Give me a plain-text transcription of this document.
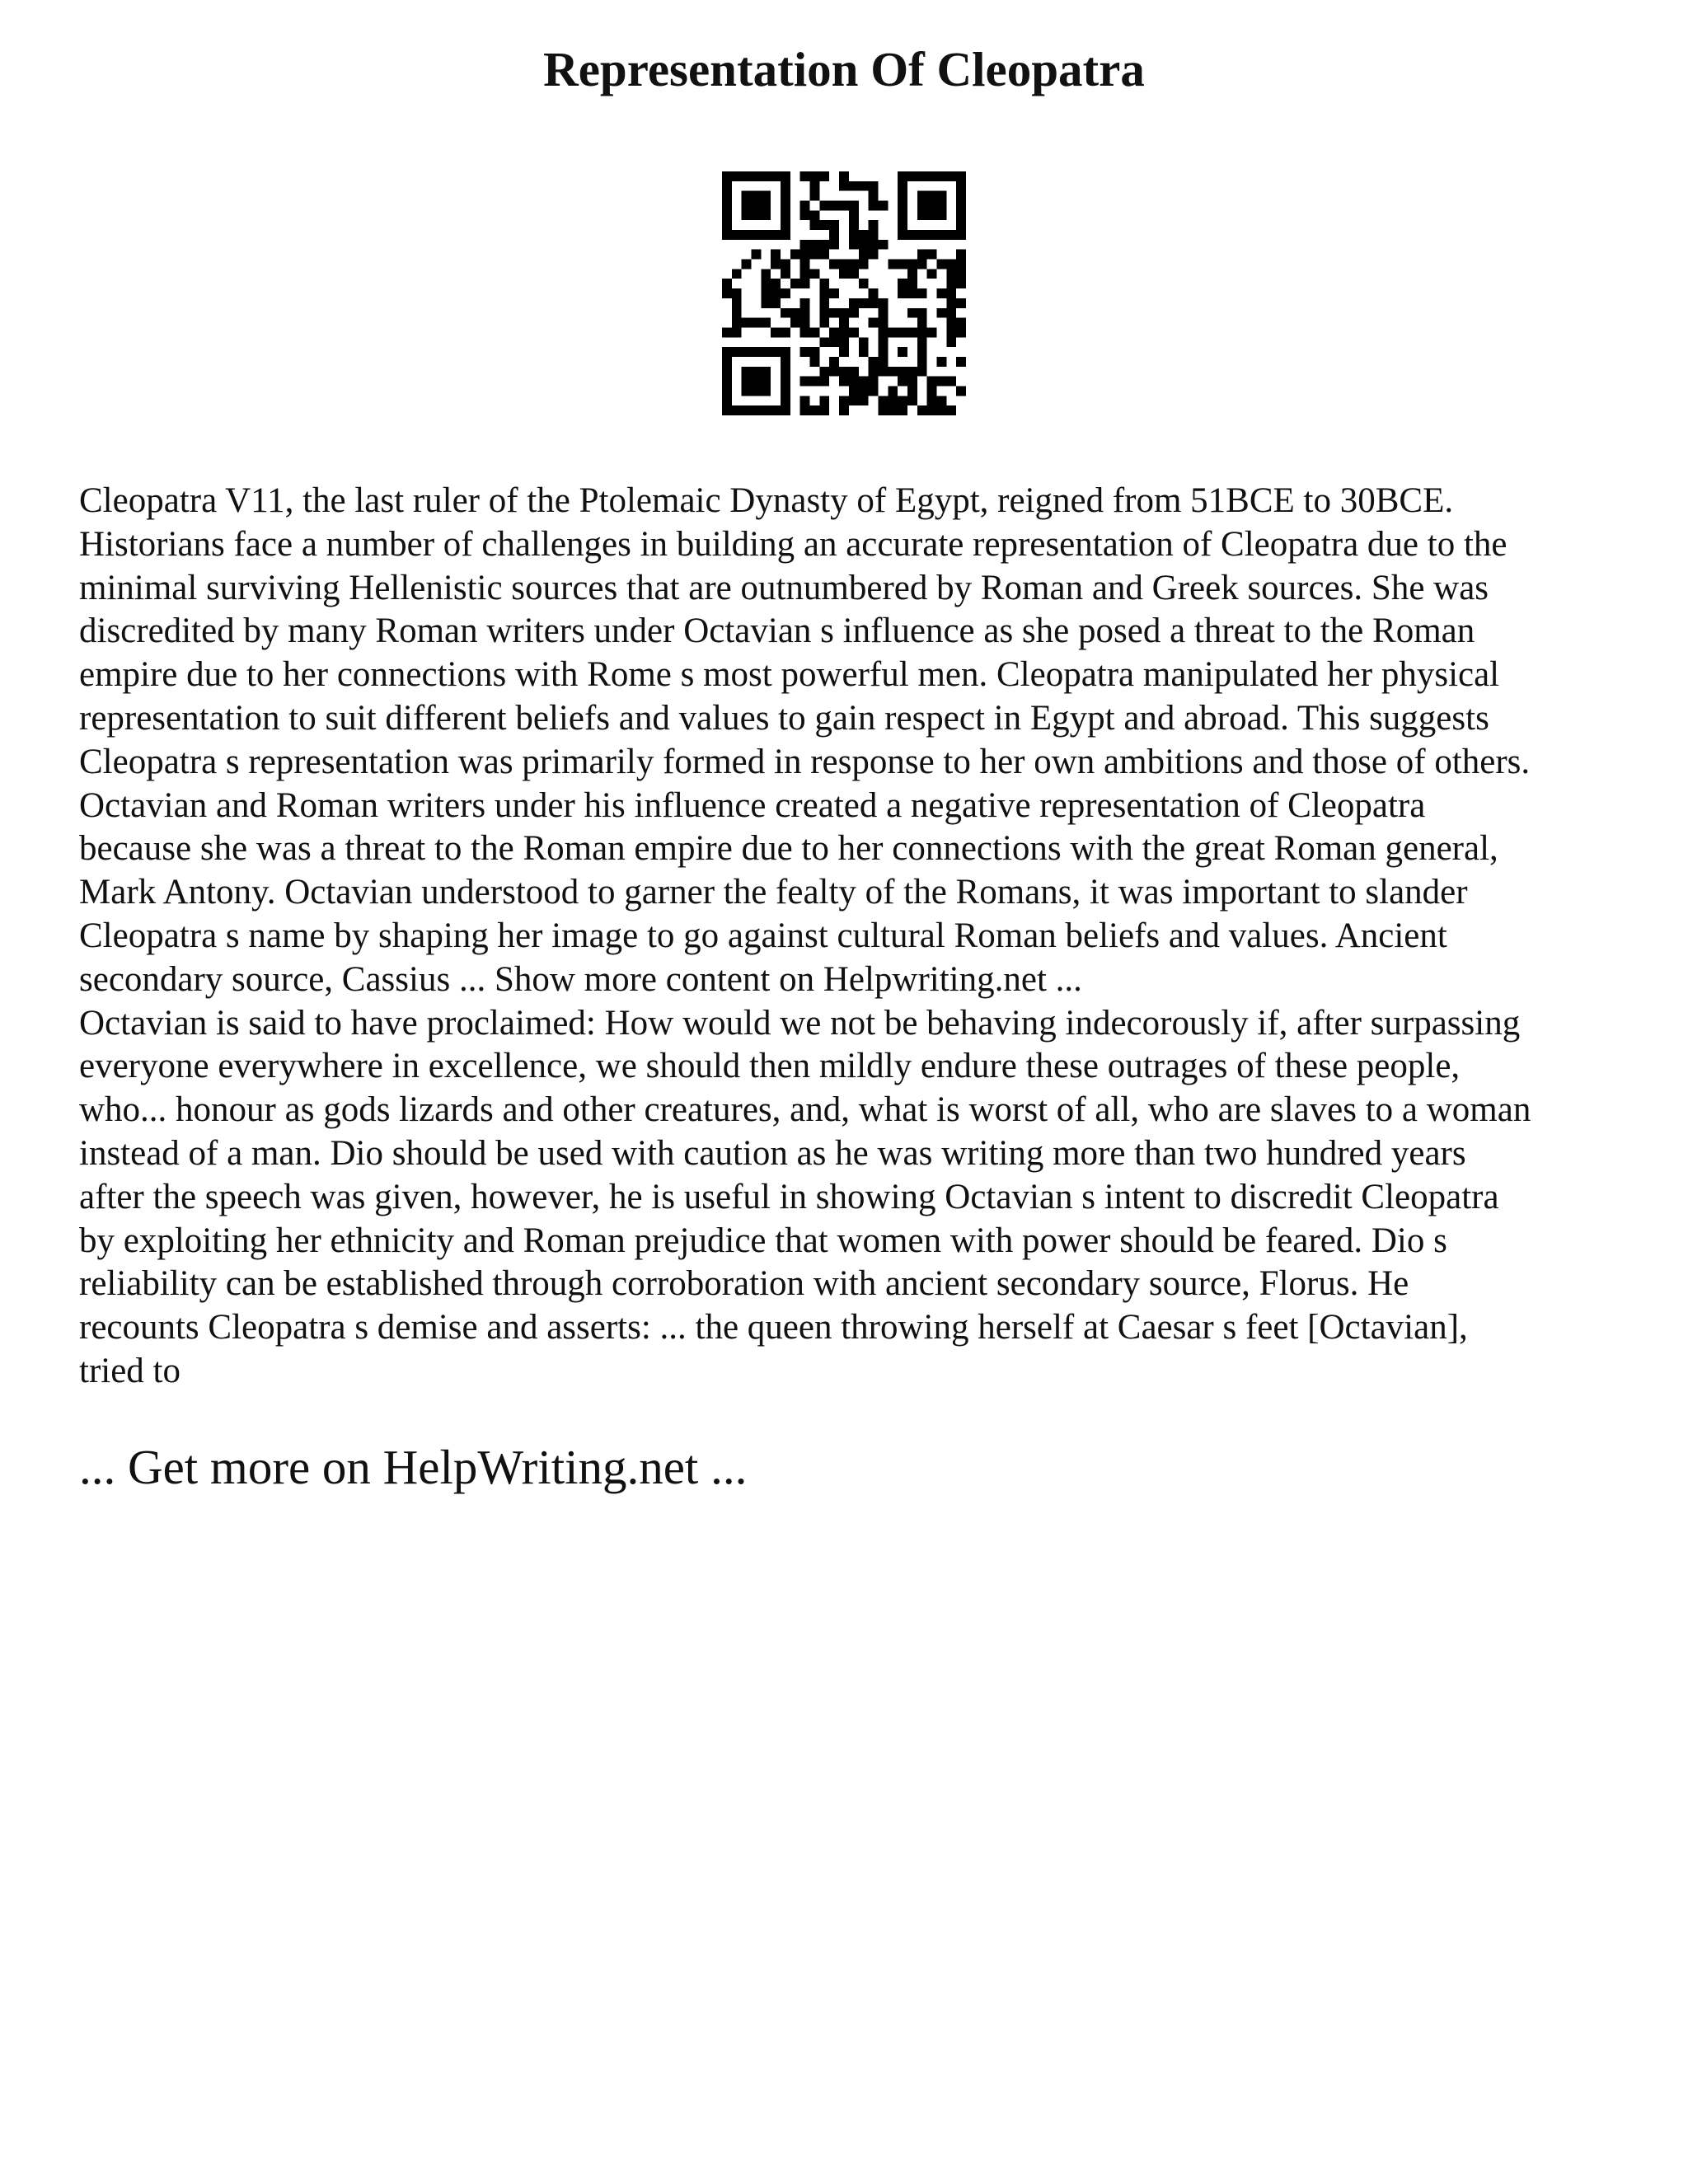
Representation Of Cleopatra

Cleopatra V11, the last ruler of the Ptolemaic Dynasty of Egypt, reigned from 51BCE to 30BCE.
Historians face a number of challenges in building an accurate representation of Cleopatra due to the
minimal surviving Hellenistic sources that are outnumbered by Roman and Greek sources. She was
discredited by many Roman writers under Octavian s influence as she posed a threat to the Roman
empire due to her connections with Rome s most powerful men. Cleopatra manipulated her physical
representation to suit different beliefs and values to gain respect in Egypt and abroad. This suggests
Cleopatra s representation was primarily formed in response to her own ambitions and those of others.
Octavian and Roman writers under his influence created a negative representation of Cleopatra
because she was a threat to the Roman empire due to her connections with the great Roman general,
Mark Antony. Octavian understood to garner the fealty of the Romans, it was important to slander
Cleopatra s name by shaping her image to go against cultural Roman beliefs and values. Ancient
secondary source, Cassius ... Show more content on Helpwriting.net ...

Octavian is said to have proclaimed: How would we not be behaving indecorously if, after surpassing
everyone everywhere in excellence, we should then mildly endure these outrages of these people,
who... honour as gods lizards and other creatures, and, what is worst of all, who are slaves to a woman
instead of a man. Dio should be used with caution as he was writing more than two hundred years
after the speech was given, however, he is useful in showing Octavian s intent to discredit Cleopatra
by exploiting her ethnicity and Roman prejudice that women with power should be feared. Dio s
reliability can be established through corroboration with ancient secondary source, Florus. He
recounts Cleopatra s demise and asserts: ... the queen throwing herself at Caesar s feet [Octavian],
tried to

... Get more on HelpWriting.net ...
